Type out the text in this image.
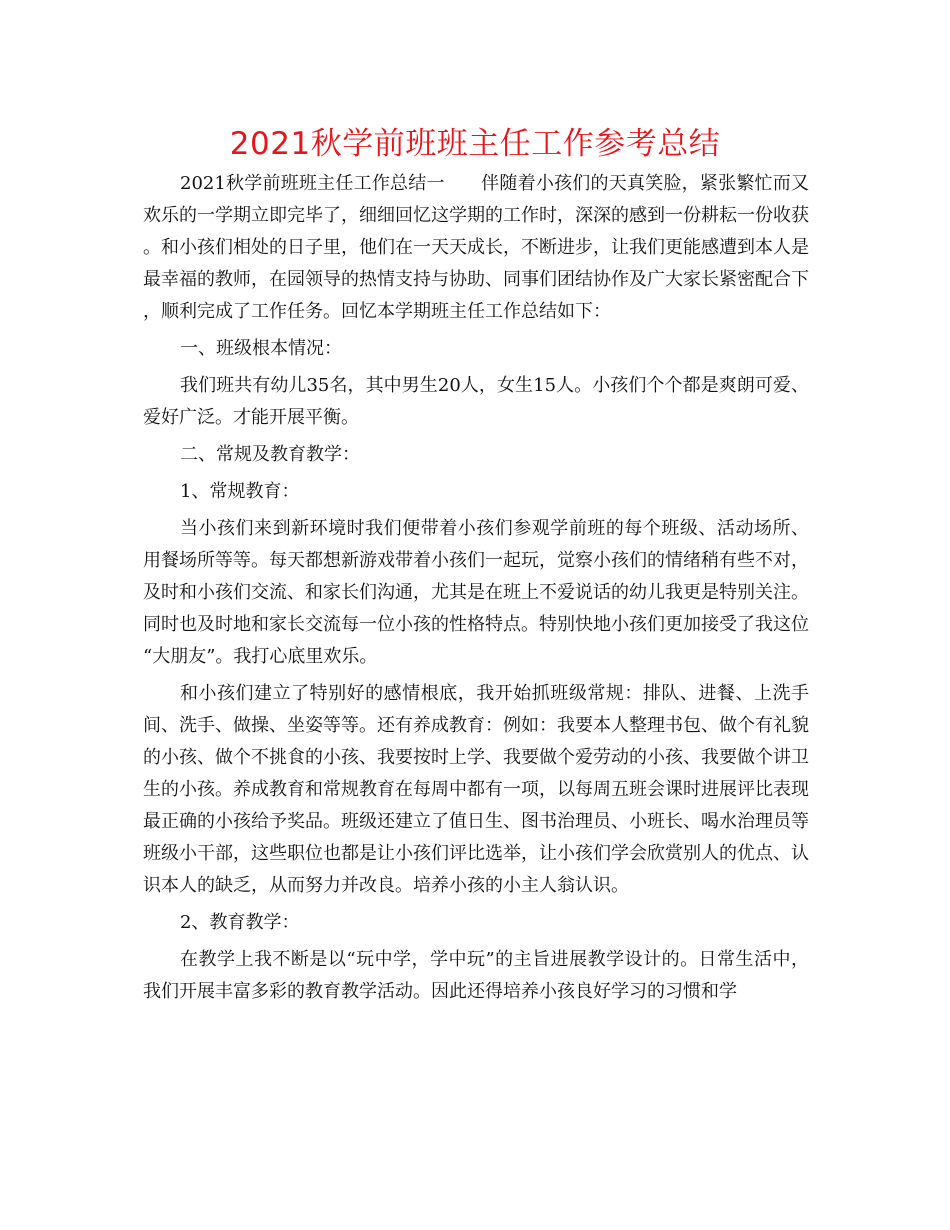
2021秋学前班班主任工作参考总结

2021秋学前班班主任工作总结一　　伴随着小孩们的天真笑脸，紧张繁忙而又欢乐的一学期立即完毕了，细细回忆这学期的工作时，深深的感到一份耕耘一份收获。和小孩们相处的日子里，他们在一天天成长，不断进步，让我们更能感遭到本人是最幸福的教师，在园领导的热情支持与协助、同事们团结协作及广大家长紧密配合下，顺利完成了工作任务。回忆本学期班主任工作总结如下：

一、班级根本情况：

我们班共有幼儿35名，其中男生20人，女生15人。小孩们个个都是爽朗可爱、爱好广泛。才能开展平衡。

二、常规及教育教学：

1、常规教育：

当小孩们来到新环境时我们便带着小孩们参观学前班的每个班级、活动场所、用餐场所等等。每天都想新游戏带着小孩们一起玩，觉察小孩们的情绪稍有些不对，及时和小孩们交流、和家长们沟通，尤其是在班上不爱说话的幼儿我更是特别关注。同时也及时地和家长交流每一位小孩的性格特点。特别快地小孩们更加接受了我这位“大朋友”。我打心底里欢乐。

和小孩们建立了特别好的感情根底，我开始抓班级常规：排队、进餐、上洗手间、洗手、做操、坐姿等等。还有养成教育：例如：我要本人整理书包、做个有礼貌的小孩、做个不挑食的小孩、我要按时上学、我要做个爱劳动的小孩、我要做个讲卫生的小孩。养成教育和常规教育在每周中都有一项，以每周五班会课时进展评比表现最正确的小孩给予奖品。班级还建立了值日生、图书治理员、小班长、喝水治理员等班级小干部，这些职位也都是让小孩们评比选举，让小孩们学会欣赏别人的优点、认识本人的缺乏，从而努力并改良。培养小孩的小主人翁认识。

2、教育教学：

在教学上我不断是以“玩中学，学中玩”的主旨进展教学设计的。日常生活中，我们开展丰富多彩的教育教学活动。因此还得培养小孩良好学习的习惯和学
